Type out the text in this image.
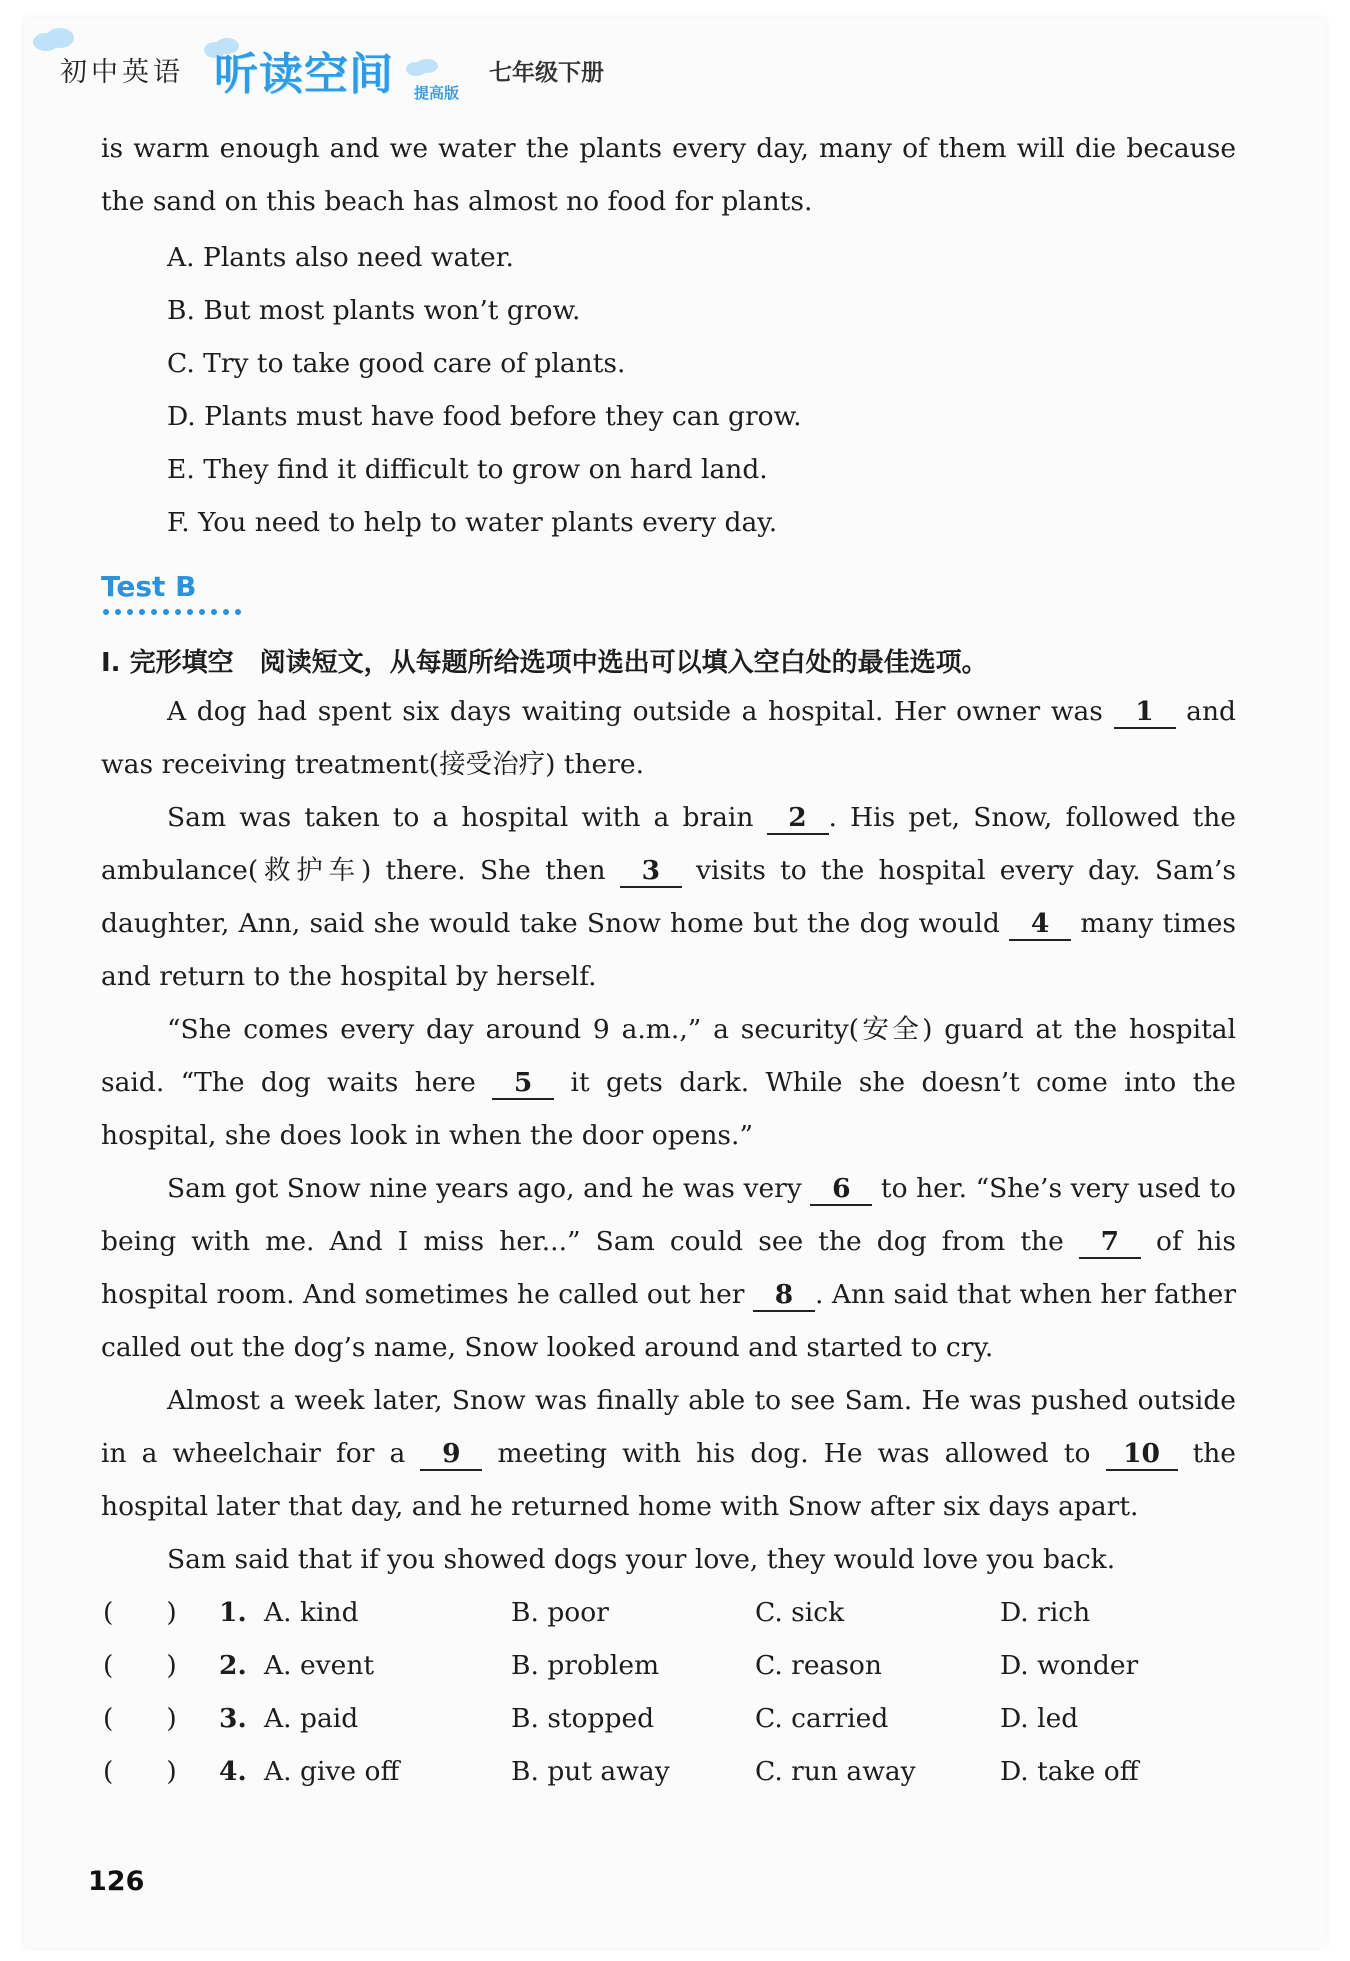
初中英语 听读空间 提高版
七年级下册

is warm enough and we water the plants every day, many of them will die because the sand on this beach has almost no food for plants.

A. Plants also need water.
B. But most plants won’t grow.
C. Try to take good care of plants.
D. Plants must have food before they can grow.
E. They find it difficult to grow on hard land.
F. You need to help to water plants every day.
Test B
I. 完形填空　阅读短文，从每题所给选项中选出可以填入空白处的最佳选项。

A dog had spent six days waiting outside a hospital. Her owner was 1 and was receiving treatment(接受治疗) there.

Sam was taken to a hospital with a brain 2 . His pet, Snow, followed the ambulance(救护车) there. She then 3 visits to the hospital every day. Sam’s daughter, Ann, said she would take Snow home but the dog would 4 many times and return to the hospital by herself.

“She comes every day around 9 a.m.,” a security(安全) guard at the hospital said. “The dog waits here 5 it gets dark. While she doesn’t come into the hospital, she does look in when the door opens.”

Sam got Snow nine years ago, and he was very 6 to her. “She’s very used to being with me. And I miss her...” Sam could see the dog from the 7 of his hospital room. And sometimes he called out her 8 . Ann said that when her father called out the dog’s name, Snow looked around and started to cry.

Almost a week later, Snow was finally able to see Sam. He was pushed outside in a wheelchair for a 9 meeting with his dog. He was allowed to 10 the hospital later that day, and he returned home with Snow after six days apart.

Sam said that if you showed dogs your love, they would love you back.

(　　) 1. A. kind	B. poor	C. sick	D. rich
(　　) 2. A. event	B. problem	C. reason	D. wonder
(　　) 3. A. paid	B. stopped	C. carried	D. led
(　　) 4. A. give off	B. put away	C. run away	D. take off
126
